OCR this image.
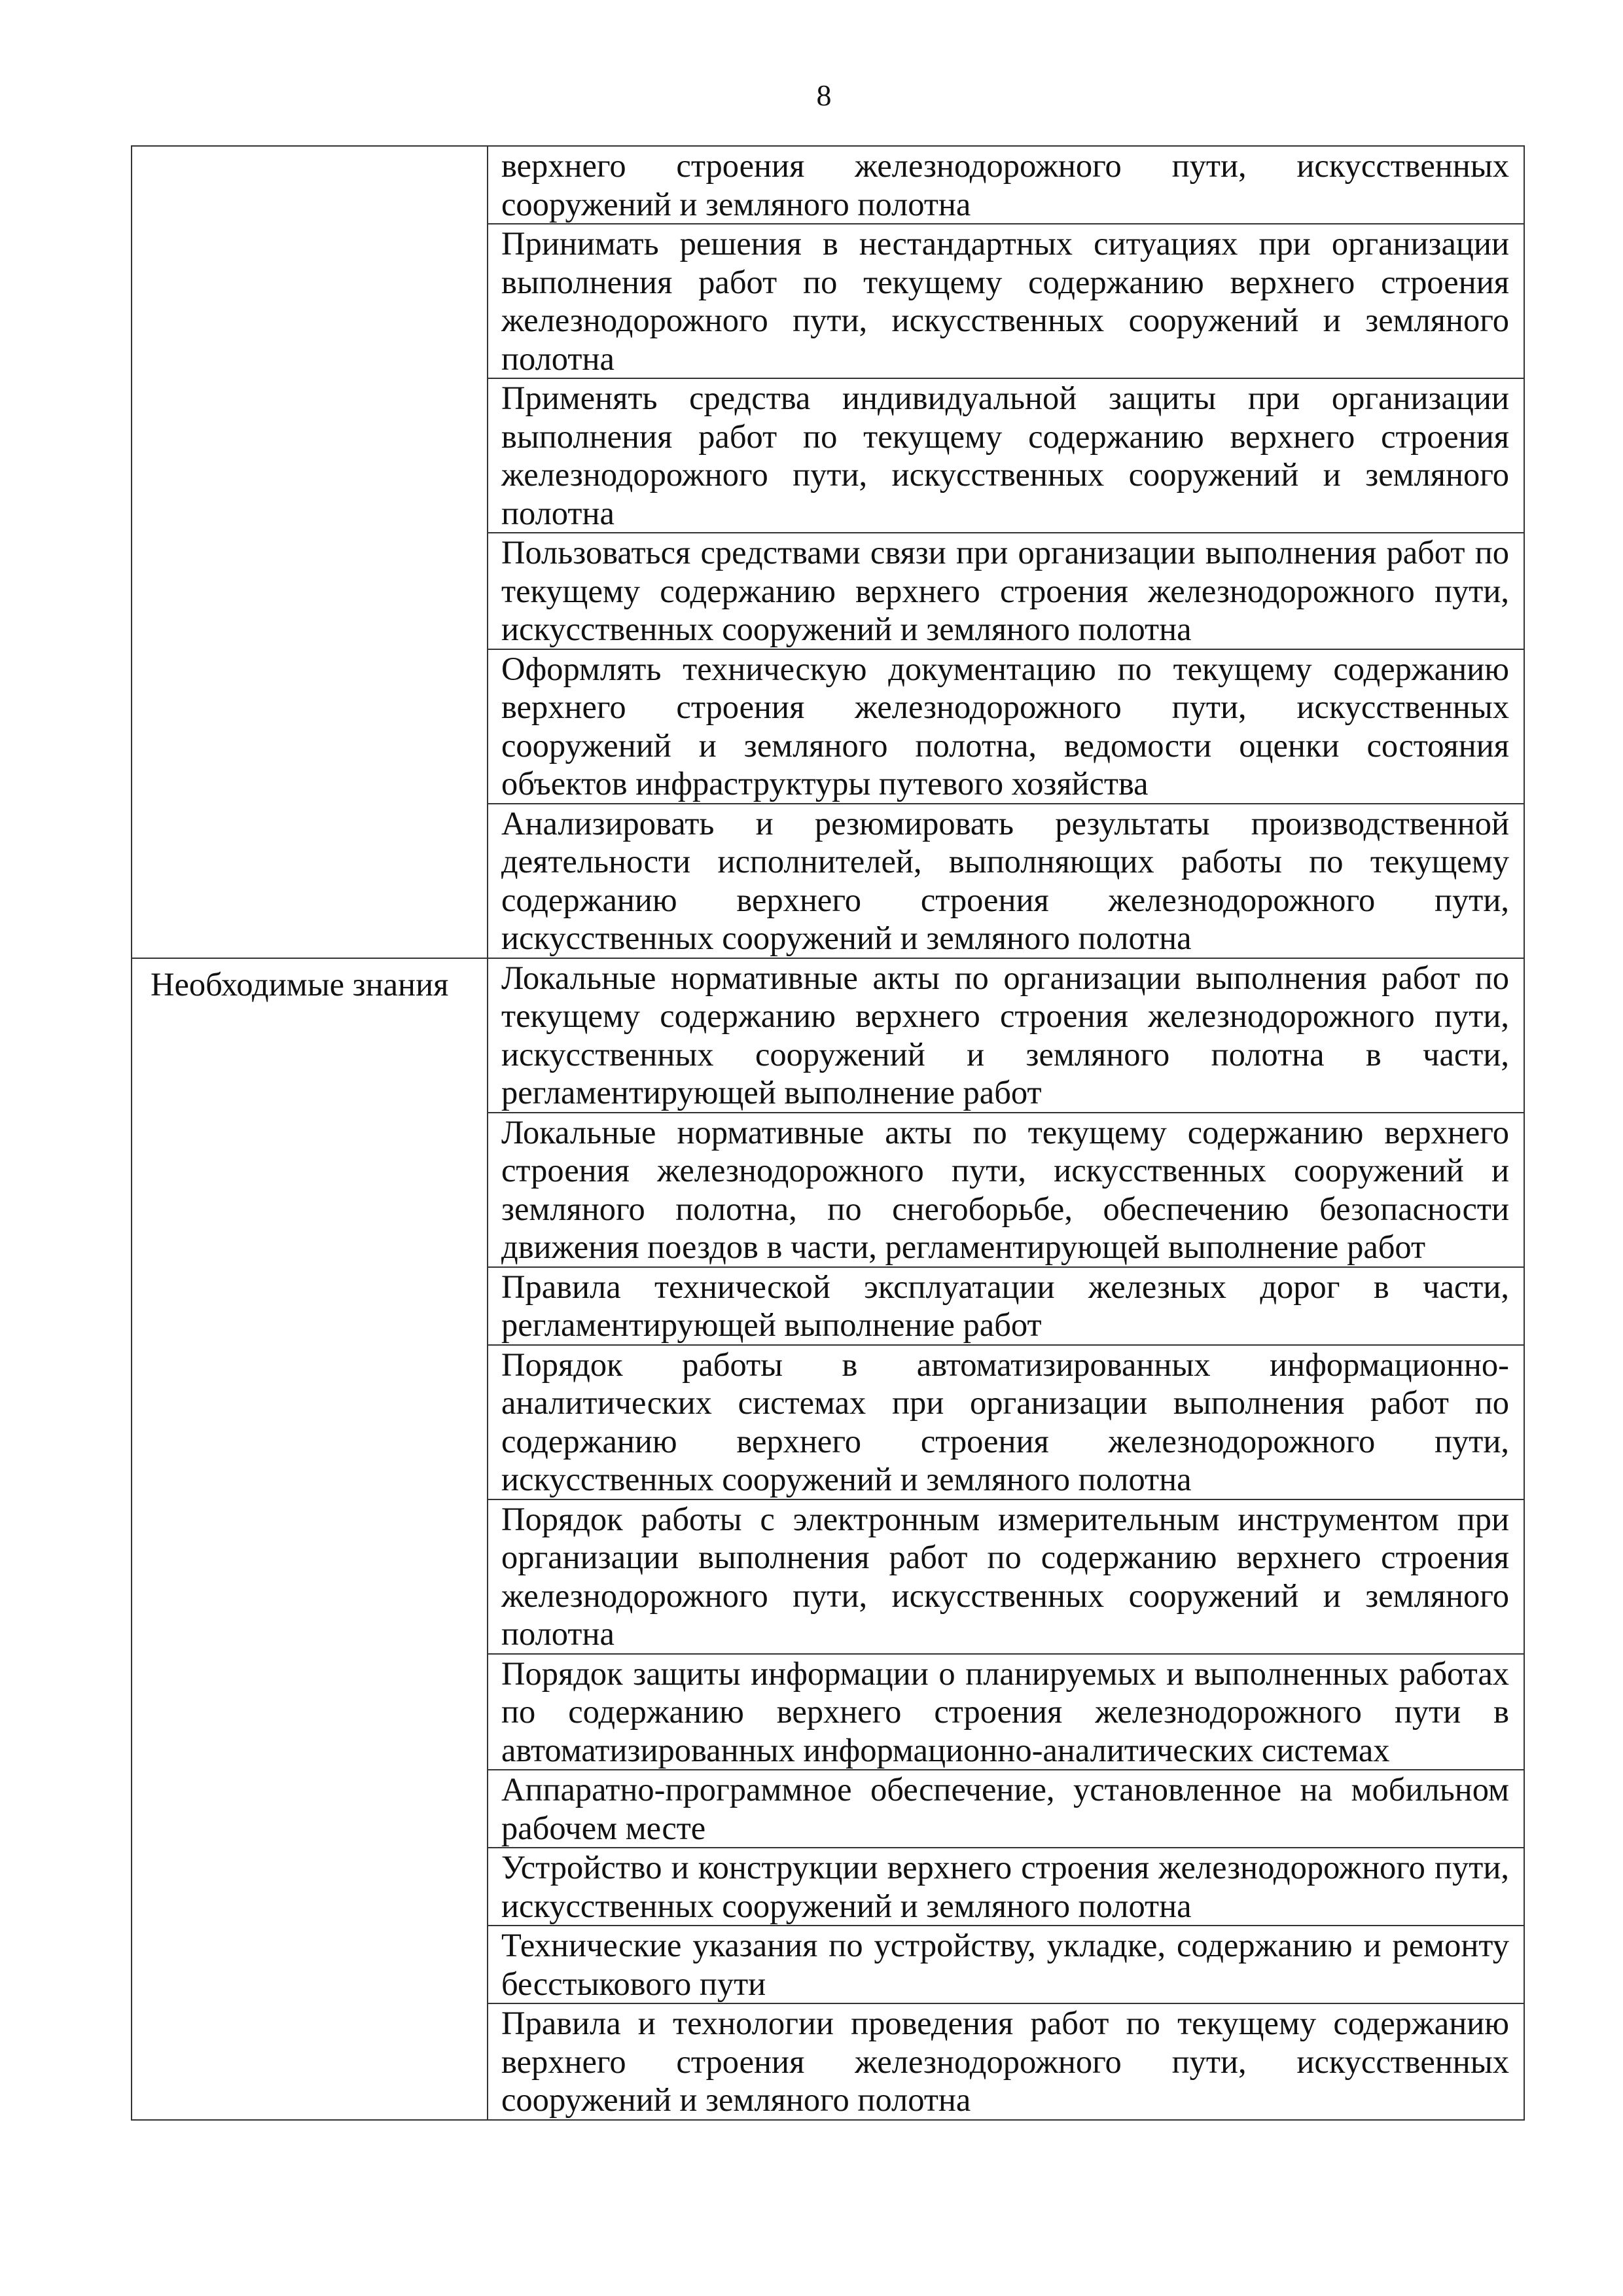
8
	верхнего строения железнодорожного пути, искусственных сооружений и земляного полотна
	Принимать решения в нестандартных ситуациях при организации выполнения работ по текущему содержанию верхнего строения железнодорожного пути, искусственных сооружений и земляного полотна
	Применять средства индивидуальной защиты при организации выполнения работ по текущему содержанию верхнего строения железнодорожного пути, искусственных сооружений и земляного полотна
	Пользоваться средствами связи при организации выполнения работ по текущему содержанию верхнего строения железнодорожного пути, искусственных сооружений и земляного полотна
	Оформлять техническую документацию по текущему содержанию верхнего строения железнодорожного пути, искусственных сооружений и земляного полотна, ведомости оценки состояния объектов инфраструктуры путевого хозяйства
	Анализировать и резюмировать результаты производственной деятельности исполнителей, выполняющих работы по текущему содержанию верхнего строения железнодорожного пути, искусственных сооружений и земляного полотна
Необходимые знания	Локальные нормативные акты по организации выполнения работ по текущему содержанию верхнего строения железнодорожного пути, искусственных сооружений и земляного полотна в части, регламентирующей выполнение работ
	Локальные нормативные акты по текущему содержанию верхнего строения железнодорожного пути, искусственных сооружений и земляного полотна, по снегоборьбе, обеспечению безопасности движения поездов в части, регламентирующей выполнение работ
	Правила технической эксплуатации железных дорог в части, регламентирующей выполнение работ
	Порядок работы в автоматизированных информационно-аналитических системах при организации выполнения работ по содержанию верхнего строения железнодорожного пути, искусственных сооружений и земляного полотна
	Порядок работы с электронным измерительным инструментом при организации выполнения работ по содержанию верхнего строения железнодорожного пути, искусственных сооружений и земляного полотна
	Порядок защиты информации о планируемых и выполненных работах по содержанию верхнего строения железнодорожного пути в автоматизированных информационно-аналитических системах
	Аппаратно-программное обеспечение, установленное на мобильном рабочем месте
	Устройство и конструкции верхнего строения железнодорожного пути, искусственных сооружений и земляного полотна
	Технические указания по устройству, укладке, содержанию и ремонту бесстыкового пути
	Правила и технологии проведения работ по текущему содержанию верхнего строения железнодорожного пути, искусственных сооружений и земляного полотна
